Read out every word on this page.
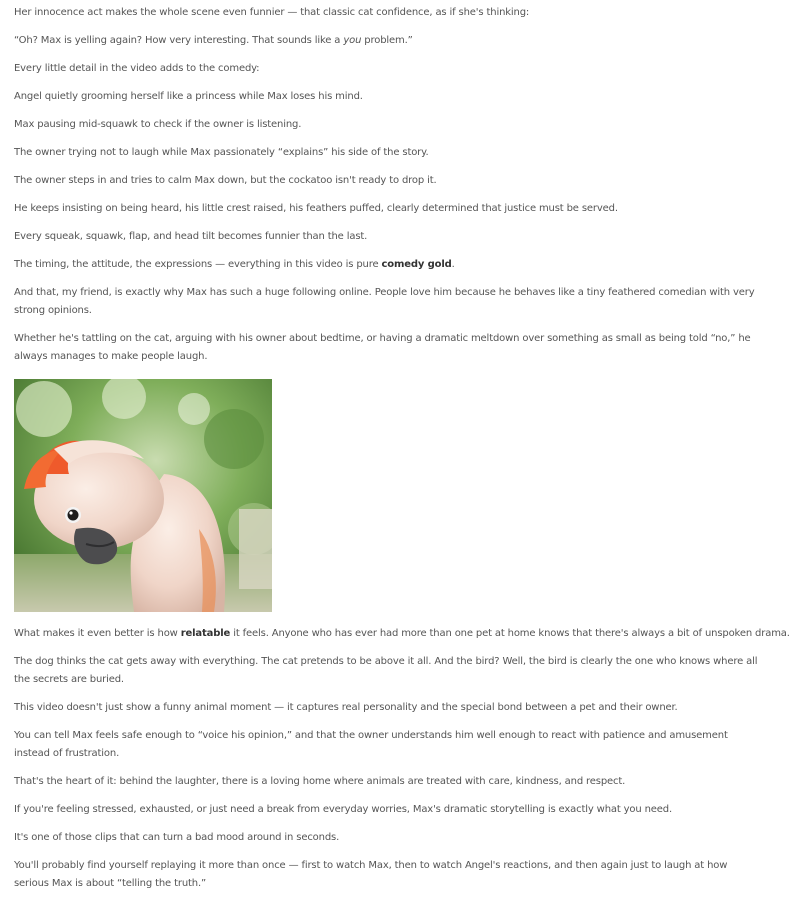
Her innocence act makes the whole scene even funnier — that classic cat confidence, as if she's thinking:

“Oh? Max is yelling again? How very interesting. That sounds like a you problem.”

Every little detail in the video adds to the comedy:

Angel quietly grooming herself like a princess while Max loses his mind.

Max pausing mid-squawk to check if the owner is listening.

The owner trying not to laugh while Max passionately “explains” his side of the story.

The owner steps in and tries to calm Max down, but the cockatoo isn't ready to drop it.

He keeps insisting on being heard, his little crest raised, his feathers puffed, clearly determined that justice must be served.

Every squeak, squawk, flap, and head tilt becomes funnier than the last.

The timing, the attitude, the expressions — everything in this video is pure comedy gold.

And that, my friend, is exactly why Max has such a huge following online. People love him because he behaves like a tiny feathered comedian with very strong opinions.

Whether he's tattling on the cat, arguing with his owner about bedtime, or having a dramatic meltdown over something as small as being told “no,” he always manages to make people laugh.

What makes it even better is how relatable it feels. Anyone who has ever had more than one pet at home knows that there's always a bit of unspoken drama.

The dog thinks the cat gets away with everything. The cat pretends to be above it all. And the bird? Well, the bird is clearly the one who knows where all the secrets are buried.

This video doesn't just show a funny animal moment — it captures real personality and the special bond between a pet and their owner.

You can tell Max feels safe enough to “voice his opinion,” and that the owner understands him well enough to react with patience and amusement instead of frustration.

That's the heart of it: behind the laughter, there is a loving home where animals are treated with care, kindness, and respect.

If you're feeling stressed, exhausted, or just need a break from everyday worries, Max's dramatic storytelling is exactly what you need.

It's one of those clips that can turn a bad mood around in seconds.

You'll probably find yourself replaying it more than once — first to watch Max, then to watch Angel's reactions, and then again just to laugh at how serious Max is about “telling the truth.”
